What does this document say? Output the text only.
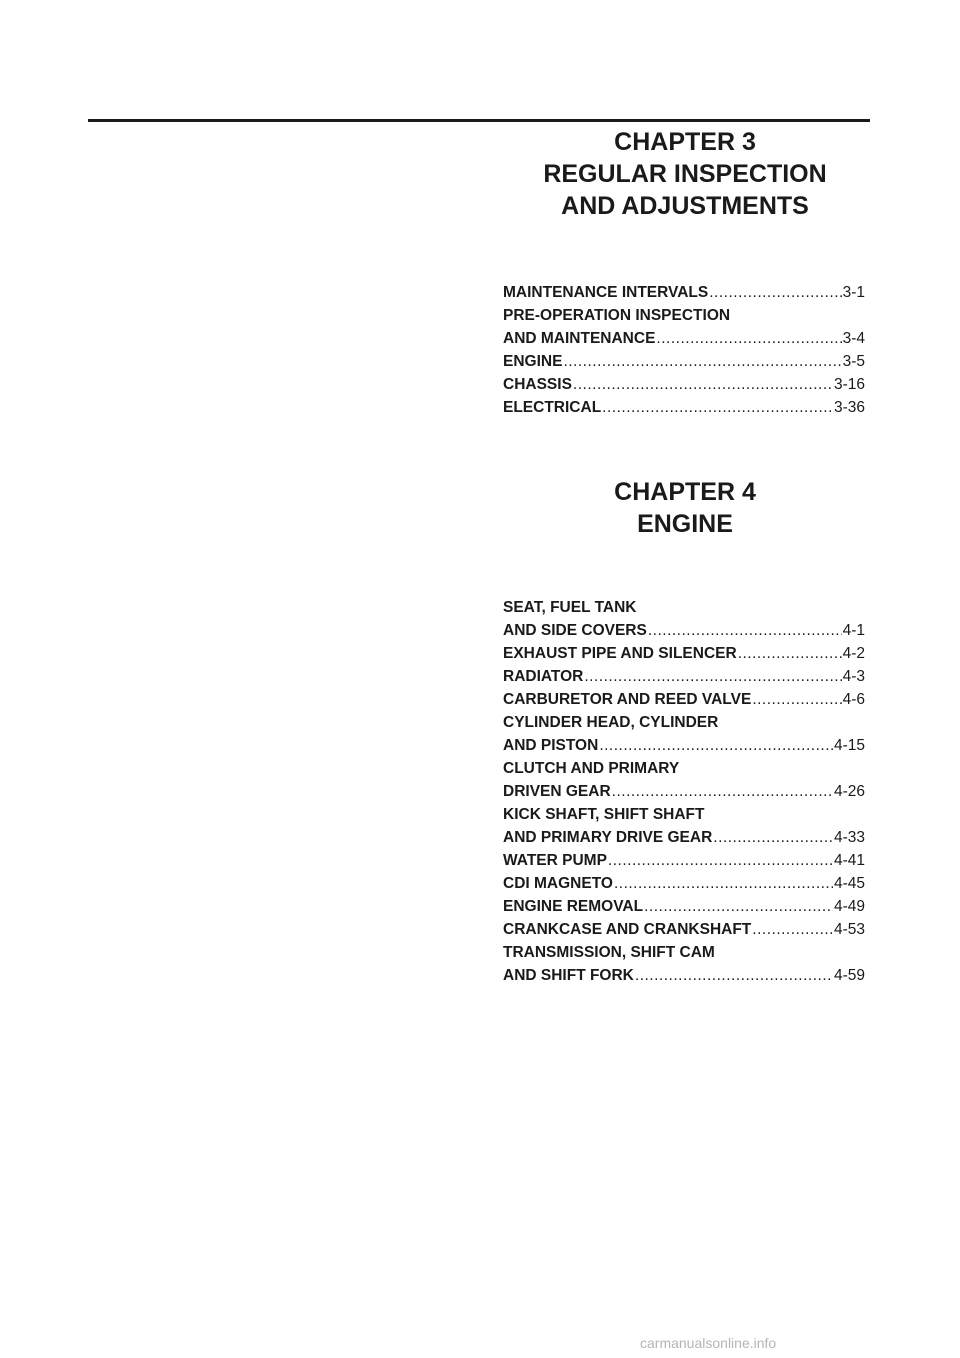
CHAPTER 3
REGULAR INSPECTION
AND ADJUSTMENTS
MAINTENANCE INTERVALS .....	3-1
PRE-OPERATION INSPECTION
AND MAINTENANCE .....	3-4
ENGINE .....	3-5
CHASSIS .....	3-16
ELECTRICAL .....	3-36
CHAPTER 4
ENGINE
SEAT, FUEL TANK
AND SIDE COVERS .....	4-1
EXHAUST PIPE AND SILENCER .....	4-2
RADIATOR .....	4-3
CARBURETOR AND REED VALVE .....	4-6
CYLINDER HEAD, CYLINDER
AND PISTON .....	4-15
CLUTCH AND PRIMARY
DRIVEN GEAR .....	4-26
KICK SHAFT, SHIFT SHAFT
AND PRIMARY DRIVE GEAR .....	4-33
WATER PUMP .....	4-41
CDI MAGNETO .....	4-45
ENGINE REMOVAL .....	4-49
CRANKCASE AND CRANKSHAFT .....	4-53
TRANSMISSION, SHIFT CAM
AND SHIFT FORK .....	4-59
carmanualsonline.info
